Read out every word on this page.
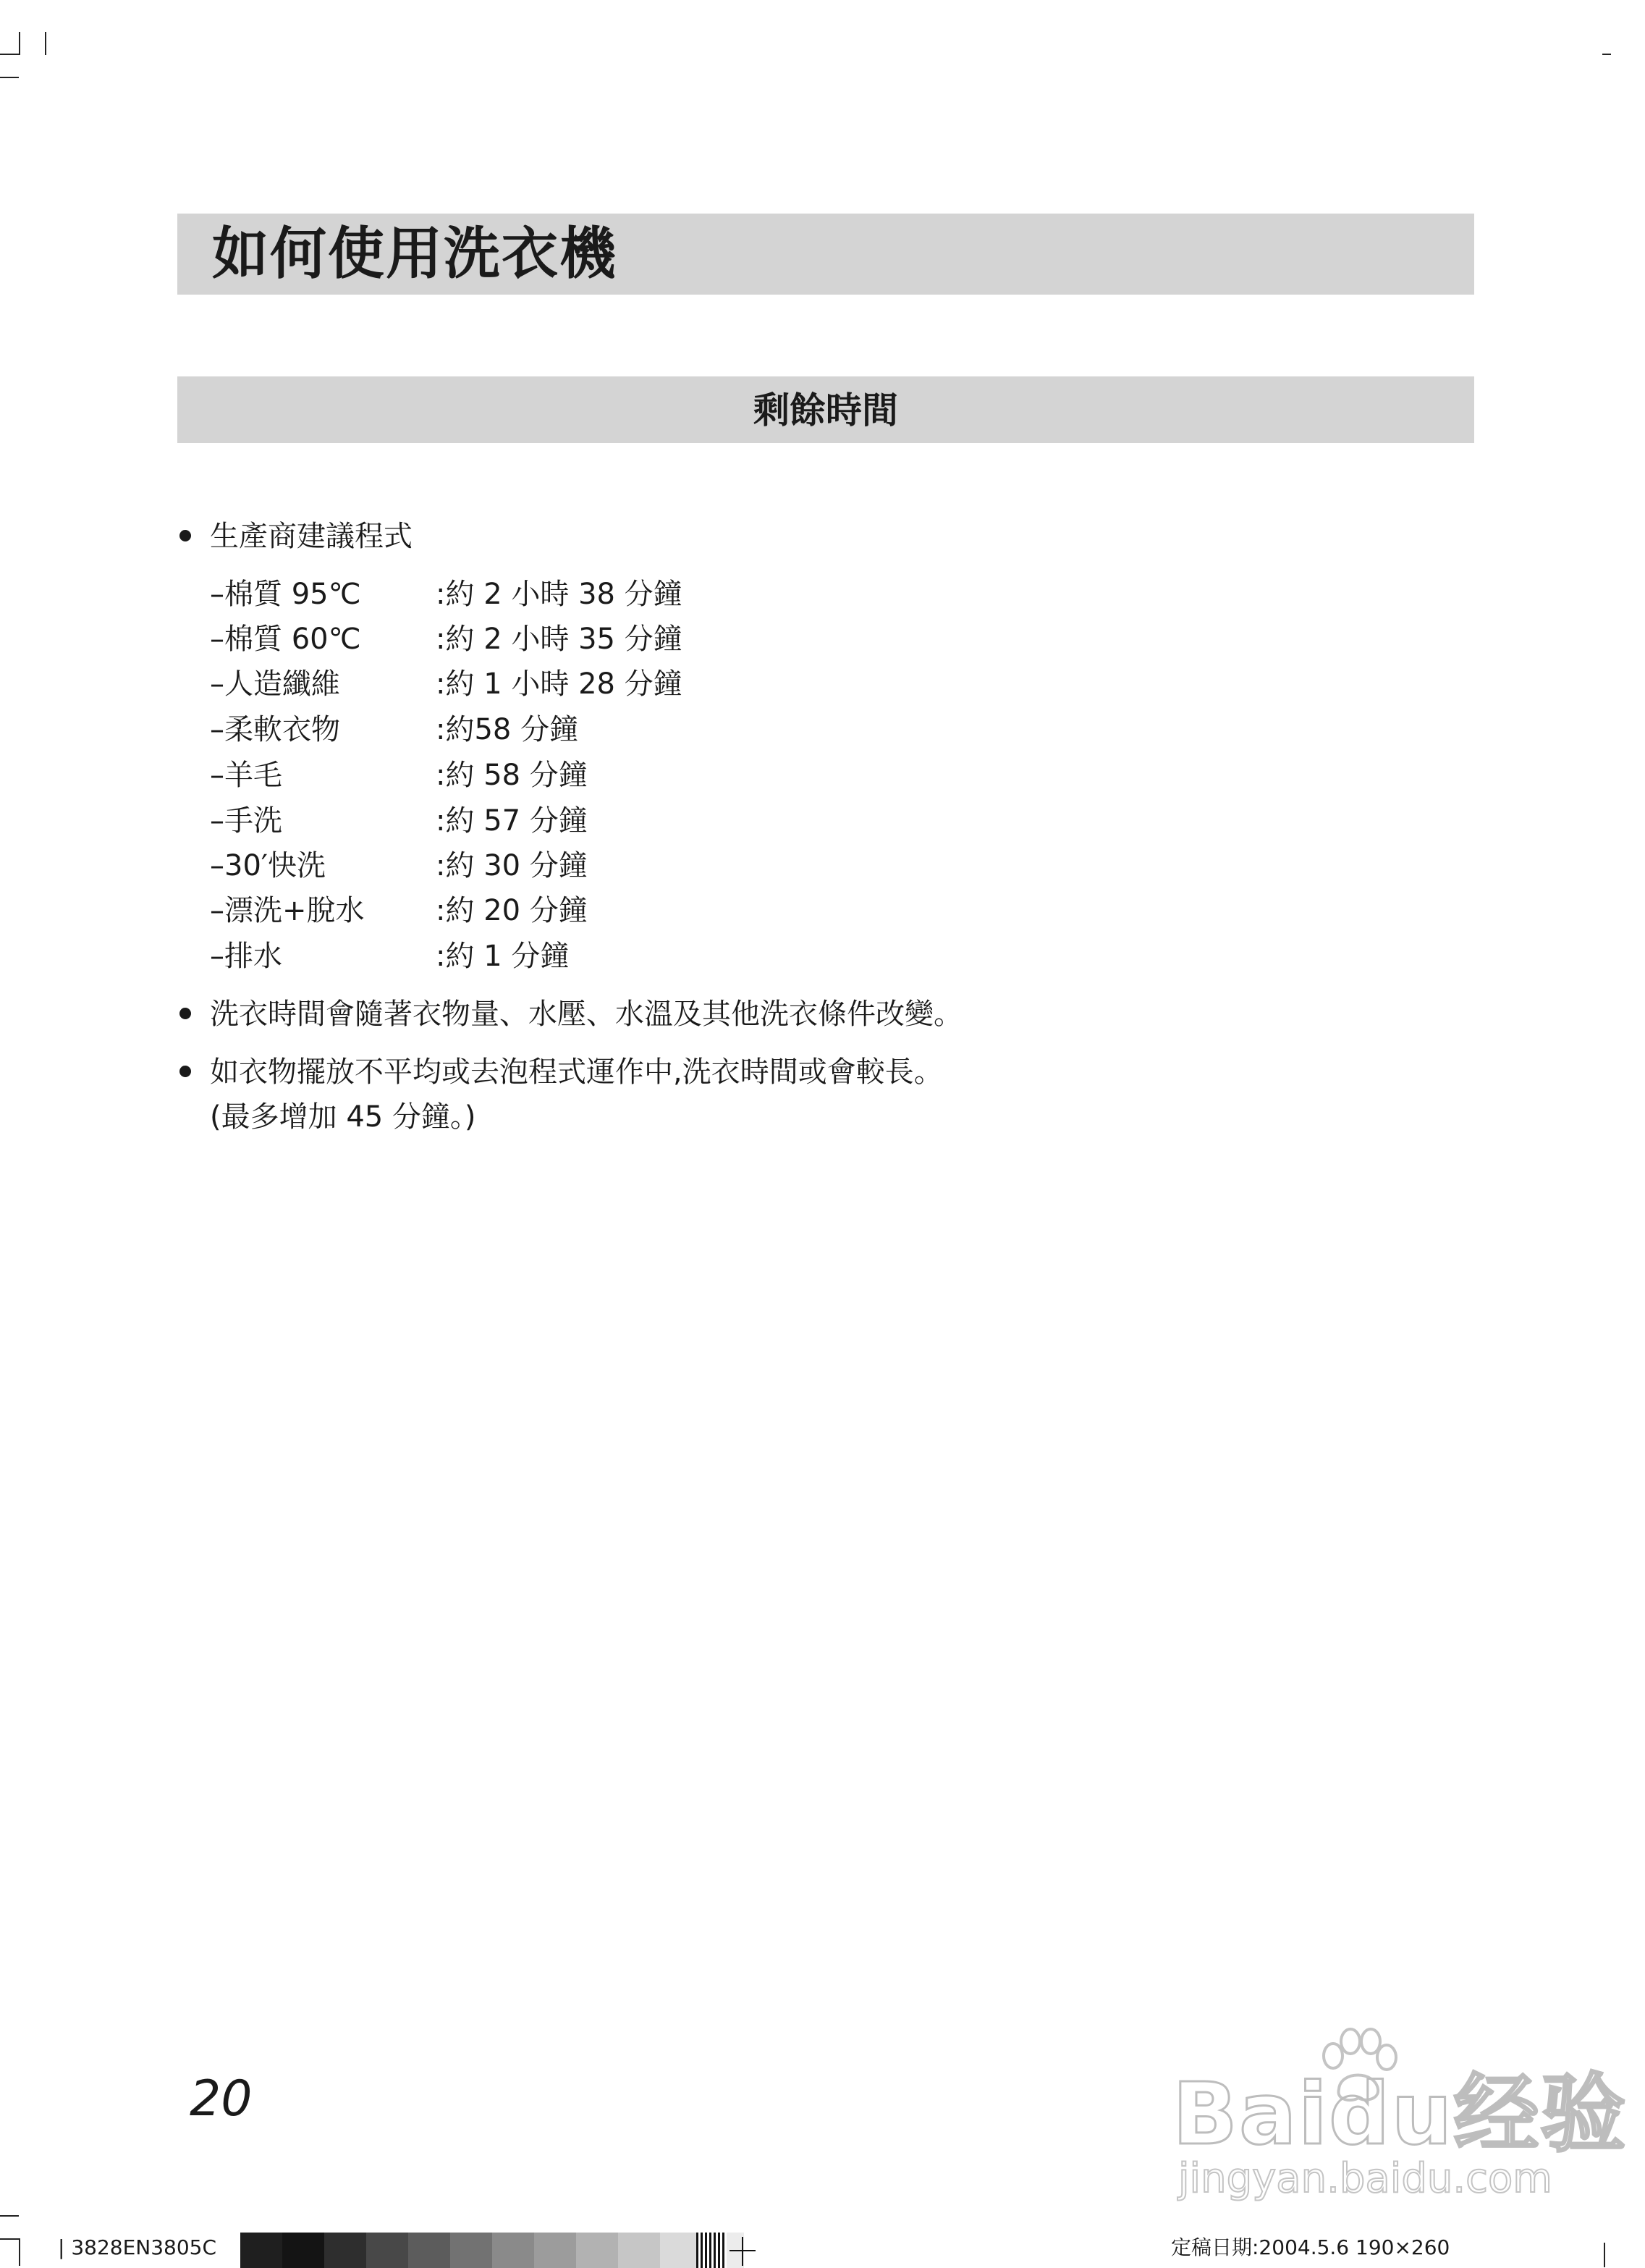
如何使用洗衣機
剩餘時間
生產商建議程式
–棉質 95℃	:約 2 小時 38 分鐘
–棉質 60℃	:約 2 小時 35 分鐘
–人造纖維	:約 1 小時 28 分鐘
–柔軟衣物	:約58 分鐘
–羊毛	:約 58 分鐘
–手洗	:約 57 分鐘
–30′快洗	:約 30 分鐘
–漂洗+脫水 :約 20 分鐘
–排水	:約 1 分鐘
洗衣時間會隨著衣物量、水壓、水溫及其他洗衣條件改變。
如衣物擺放不平均或去泡程式運作中,洗衣時間或會較長。
(最多增加 45 分鐘。)
20	Baidu经验
jingyan.baidu.com
| 3828EN3805C	定稿日期:2004.5.6 190×260
